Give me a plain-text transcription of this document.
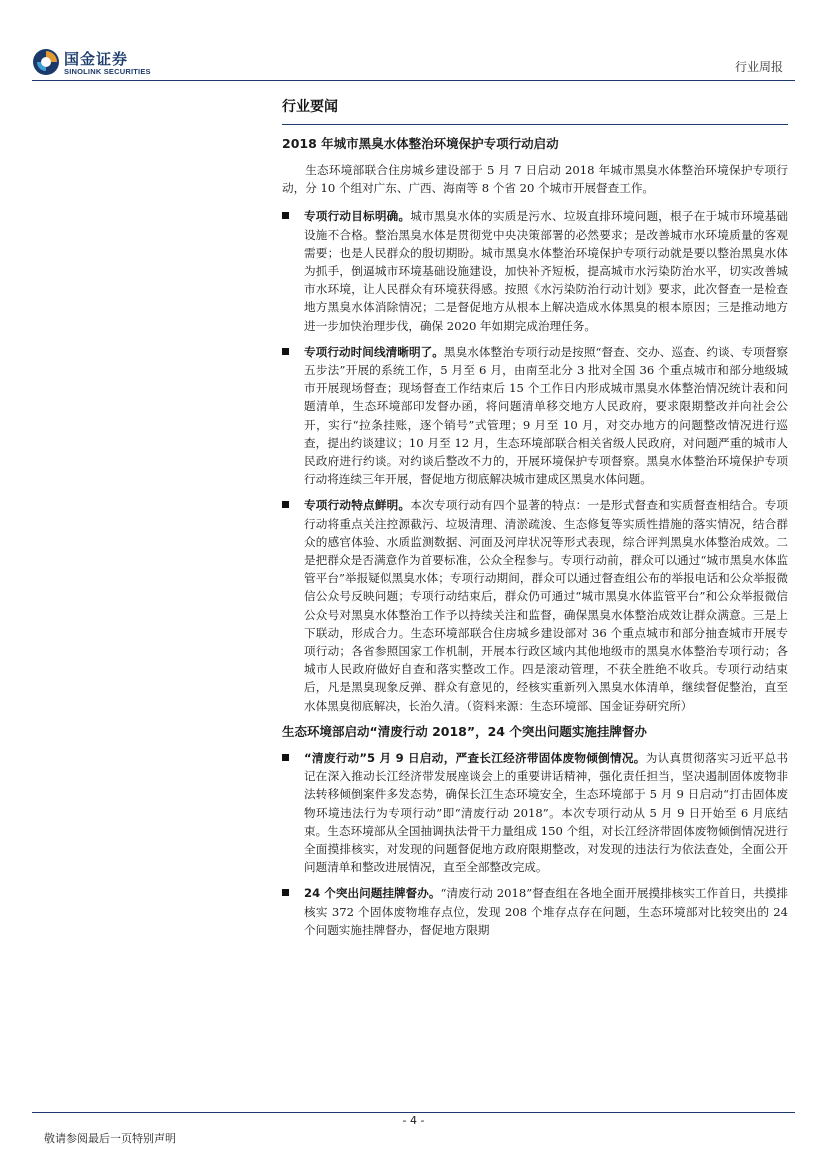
国金证券
SINOLINK SECURITIES	行业周报
行业要闻
2018 年城市黑臭水体整治环境保护专项行动启动

生态环境部联合住房城乡建设部于 5 月 7 日启动 2018 年城市黑臭水体整治环境保护专项行动，分 10 个组对广东、广西、海南等 8 个省 20 个城市开展督查工作。

专项行动目标明确。城市黑臭水体的实质是污水、垃圾直排环境问题，根子在于城市环境基础设施不合格。整治黑臭水体是贯彻党中央决策部署的必然要求；是改善城市水环境质量的客观需要；也是人民群众的殷切期盼。城市黑臭水体整治环境保护专项行动就是要以整治黑臭水体为抓手，倒逼城市环境基础设施建设，加快补齐短板，提高城市水污染防治水平，切实改善城市水环境，让人民群众有环境获得感。按照《水污染防治行动计划》要求，此次督查一是检查地方黑臭水体消除情况；二是督促地方从根本上解决造成水体黑臭的根本原因；三是推动地方进一步加快治理步伐，确保 2020 年如期完成治理任务。
专项行动时间线清晰明了。黑臭水体整治专项行动是按照“督查、交办、巡查、约谈、专项督察五步法”开展的系统工作，5 月至 6 月，由南至北分 3 批对全国 36 个重点城市和部分地级城市开展现场督查；现场督查工作结束后 15 个工作日内形成城市黑臭水体整治情况统计表和问题清单，生态环境部印发督办函，将问题清单移交地方人民政府，要求限期整改并向社会公开，实行“拉条挂账，逐个销号”式管理；9 月至 10 月，对交办地方的问题整改情况进行巡查，提出约谈建议；10 月至 12 月，生态环境部联合相关省级人民政府，对问题严重的城市人民政府进行约谈。对约谈后整改不力的，开展环境保护专项督察。黑臭水体整治环境保护专项行动将连续三年开展，督促地方彻底解决城市建成区黑臭水体问题。
专项行动特点鲜明。本次专项行动有四个显著的特点：一是形式督查和实质督查相结合。专项行动将重点关注控源截污、垃圾清理、清淤疏浚、生态修复等实质性措施的落实情况，结合群众的感官体验、水质监测数据、河面及河岸状况等形式表现，综合评判黑臭水体整治成效。二是把群众是否满意作为首要标准，公众全程参与。专项行动前，群众可以通过“城市黑臭水体监管平台”举报疑似黑臭水体；专项行动期间，群众可以通过督查组公布的举报电话和公众举报微信公众号反映问题；专项行动结束后，群众仍可通过“城市黑臭水体监管平台”和公众举报微信公众号对黑臭水体整治工作予以持续关注和监督，确保黑臭水体整治成效让群众满意。三是上下联动，形成合力。生态环境部联合住房城乡建设部对 36 个重点城市和部分抽查城市开展专项行动；各省参照国家工作机制，开展本行政区域内其他地级市的黑臭水体整治专项行动；各城市人民政府做好自查和落实整改工作。四是滚动管理，不获全胜绝不收兵。专项行动结束后，凡是黑臭现象反弹、群众有意见的，经核实重新列入黑臭水体清单，继续督促整治，直至水体黑臭彻底解决，长治久清。（资料来源：生态环境部、国金证券研究所）
生态环境部启动“清废行动 2018”，24 个突出问题实施挂牌督办
“清废行动”5 月 9 日启动，严查长江经济带固体废物倾倒情况。为认真贯彻落实习近平总书记在深入推动长江经济带发展座谈会上的重要讲话精神，强化责任担当，坚决遏制固体废物非法转移倾倒案件多发态势，确保长江生态环境安全，生态环境部于 5 月 9 日启动“打击固体废物环境违法行为专项行动”即“清废行动 2018”。本次专项行动从 5 月 9 日开始至 6 月底结束。生态环境部从全国抽调执法骨干力量组成 150 个组，对长江经济带固体废物倾倒情况进行全面摸排核实，对发现的问题督促地方政府限期整改，对发现的违法行为依法查处，全面公开问题清单和整改进展情况，直至全部整改完成。
24 个突出问题挂牌督办。“清废行动 2018”督查组在各地全面开展摸排核实工作首日，共摸排核实 372 个固体废物堆存点位，发现 208 个堆存点存在问题，生态环境部对比较突出的 24 个问题实施挂牌督办，督促地方限期
- 4 -
敬请参阅最后一页特别声明
